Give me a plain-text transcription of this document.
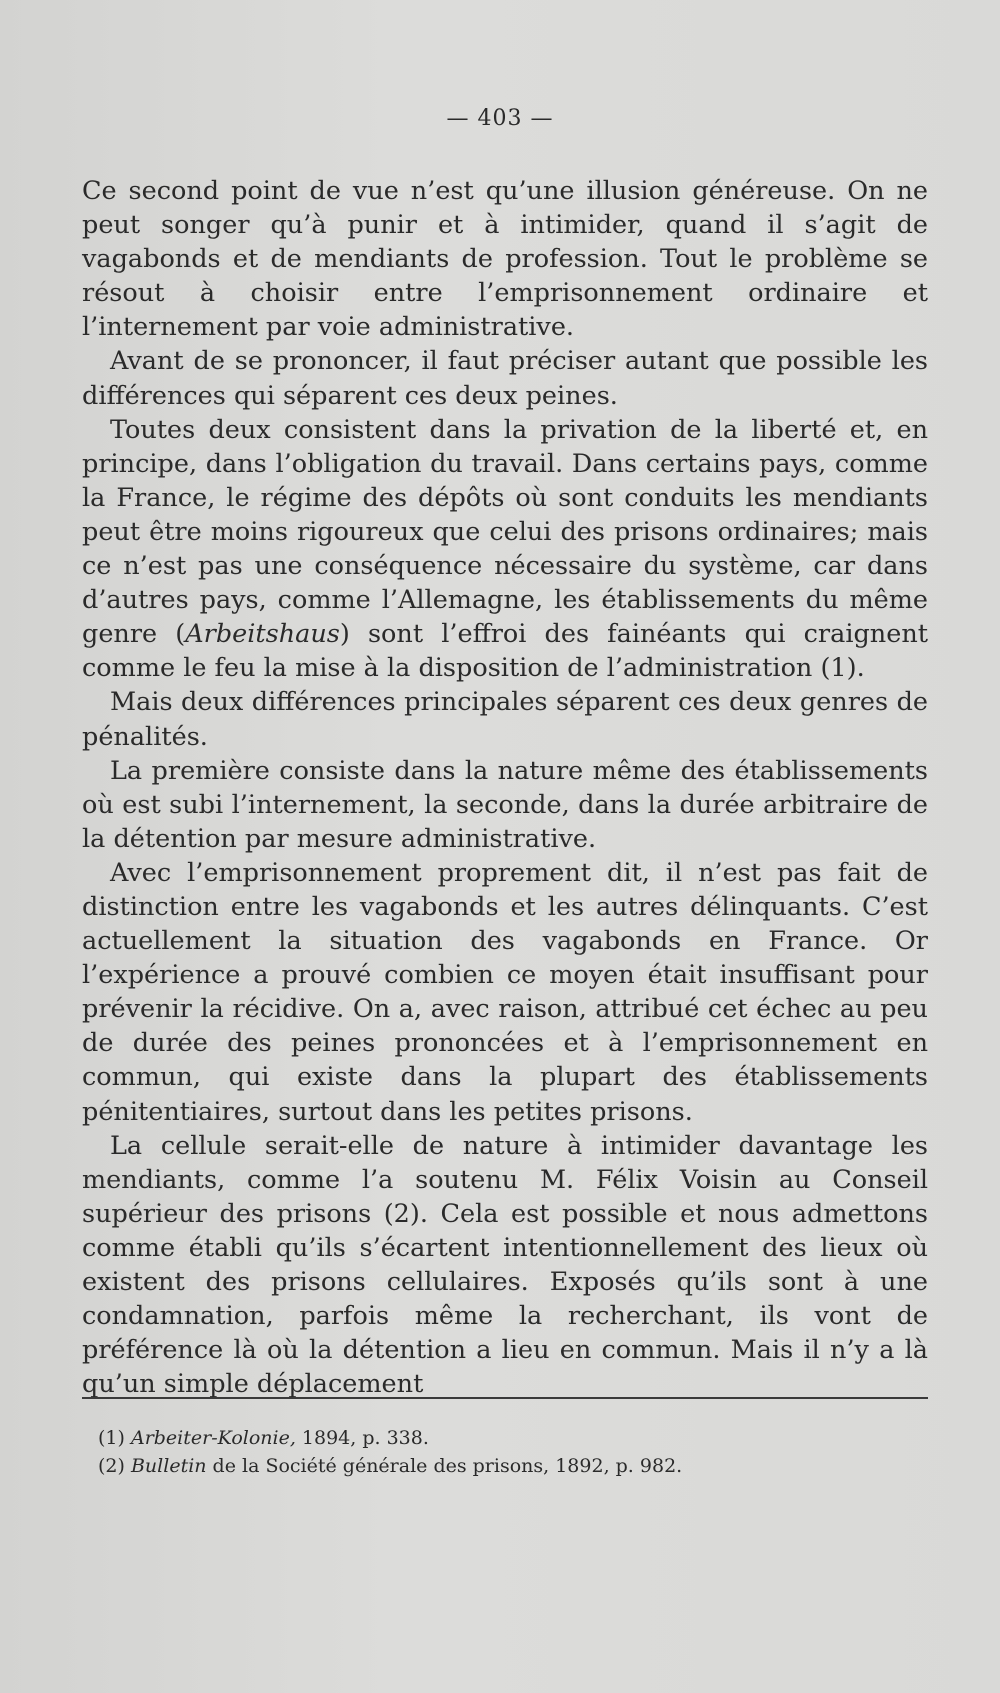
— 403 —

Ce second point de vue n’est qu’une illusion généreuse. On ne peut songer qu’à punir et à intimider, quand il s’agit de vagabonds et de mendiants de profession. Tout le problème se résout à choisir entre l’emprisonnement ordinaire et l’internement par voie administrative.

Avant de se prononcer, il faut préciser autant que possible les différences qui séparent ces deux peines.

Toutes deux consistent dans la privation de la liberté et, en principe, dans l’obligation du travail. Dans certains pays, comme la France, le régime des dépôts où sont conduits les mendiants peut être moins rigoureux que celui des prisons ordinaires; mais ce n’est pas une conséquence nécessaire du système, car dans d’autres pays, comme l’Allemagne, les établissements du même genre (Arbeitshaus) sont l’effroi des fainéants qui craignent comme le feu la mise à la disposition de l’administration (1).

Mais deux différences principales séparent ces deux genres de pénalités.

La première consiste dans la nature même des établissements où est subi l’internement, la seconde, dans la durée arbitraire de la détention par mesure administrative.

Avec l’emprisonnement proprement dit, il n’est pas fait de distinction entre les vagabonds et les autres délinquants. C’est actuellement la situation des vagabonds en France. Or l’expérience a prouvé combien ce moyen était insuffisant pour prévenir la récidive. On a, avec raison, attribué cet échec au peu de durée des peines prononcées et à l’emprisonnement en commun, qui existe dans la plupart des établissements pénitentiaires, surtout dans les petites prisons.

La cellule serait-elle de nature à intimider davantage les mendiants, comme l’a soutenu M. Félix Voisin au Conseil supérieur des prisons (2). Cela est possible et nous admettons comme établi qu’ils s’écartent intentionnellement des lieux où existent des prisons cellulaires. Exposés qu’ils sont à une condamnation, parfois même la recherchant, ils vont de préférence là où la détention a lieu en commun. Mais il n’y a là qu’un simple déplacement

(1) Arbeiter-Kolonie, 1894, p. 338.

(2) Bulletin de la Société générale des prisons, 1892, p. 982.
